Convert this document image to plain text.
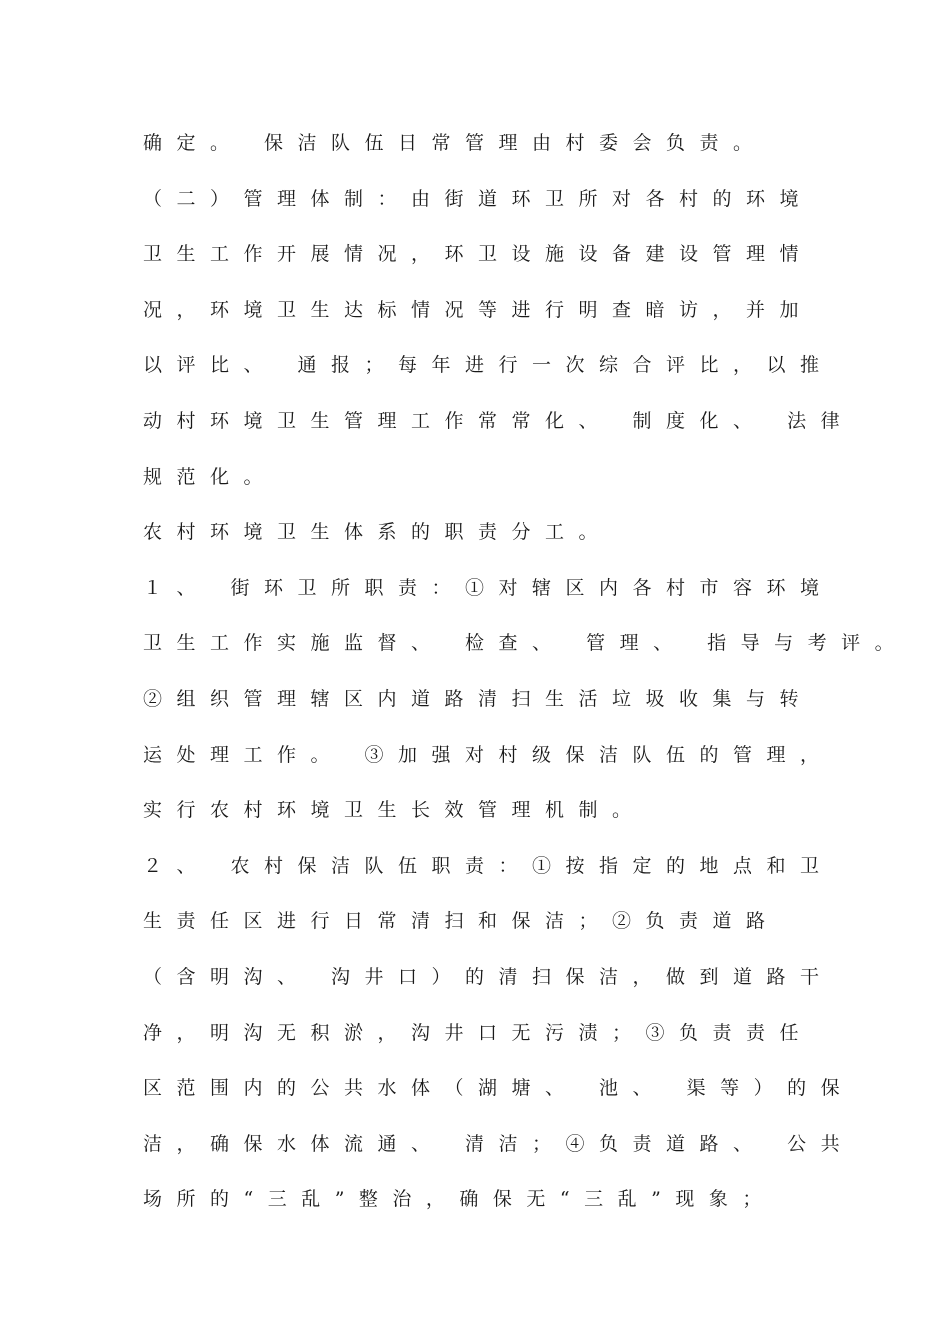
确定。 保洁队伍日常管理由村委会负责。

（二）管理体制：由街道环卫所对各村的环境

卫生工作开展情况，环卫设施设备建设管理情

况，环境卫生达标情况等进行明查暗访，并加

以评比、 通报；每年进行一次综合评比，以推

动村环境卫生管理工作常常化、 制度化、 法律

规范化。

农村环境卫生体系的职责分工。

１、 街环卫所职责：①对辖区内各村市容环境

卫生工作实施监督、 检查、 管理、 指导与考评。

②组织管理辖区内道路清扫生活垃圾收集与转

运处理工作。 ③加强对村级保洁队伍的管理，

实行农村环境卫生长效管理机制。

２、 农村保洁队伍职责：①按指定的地点和卫

生责任区进行日常清扫和保洁；②负责道路

（含明沟、 沟井口）的清扫保洁，做到道路干

净，明沟无积淤，沟井口无污渍；③负责责任

区范围内的公共水体（湖塘、 池、 渠等）的保

洁，确保水体流通、 清洁；④负责道路、 公共

场所的“三乱”整治，确保无“三乱”现象；
